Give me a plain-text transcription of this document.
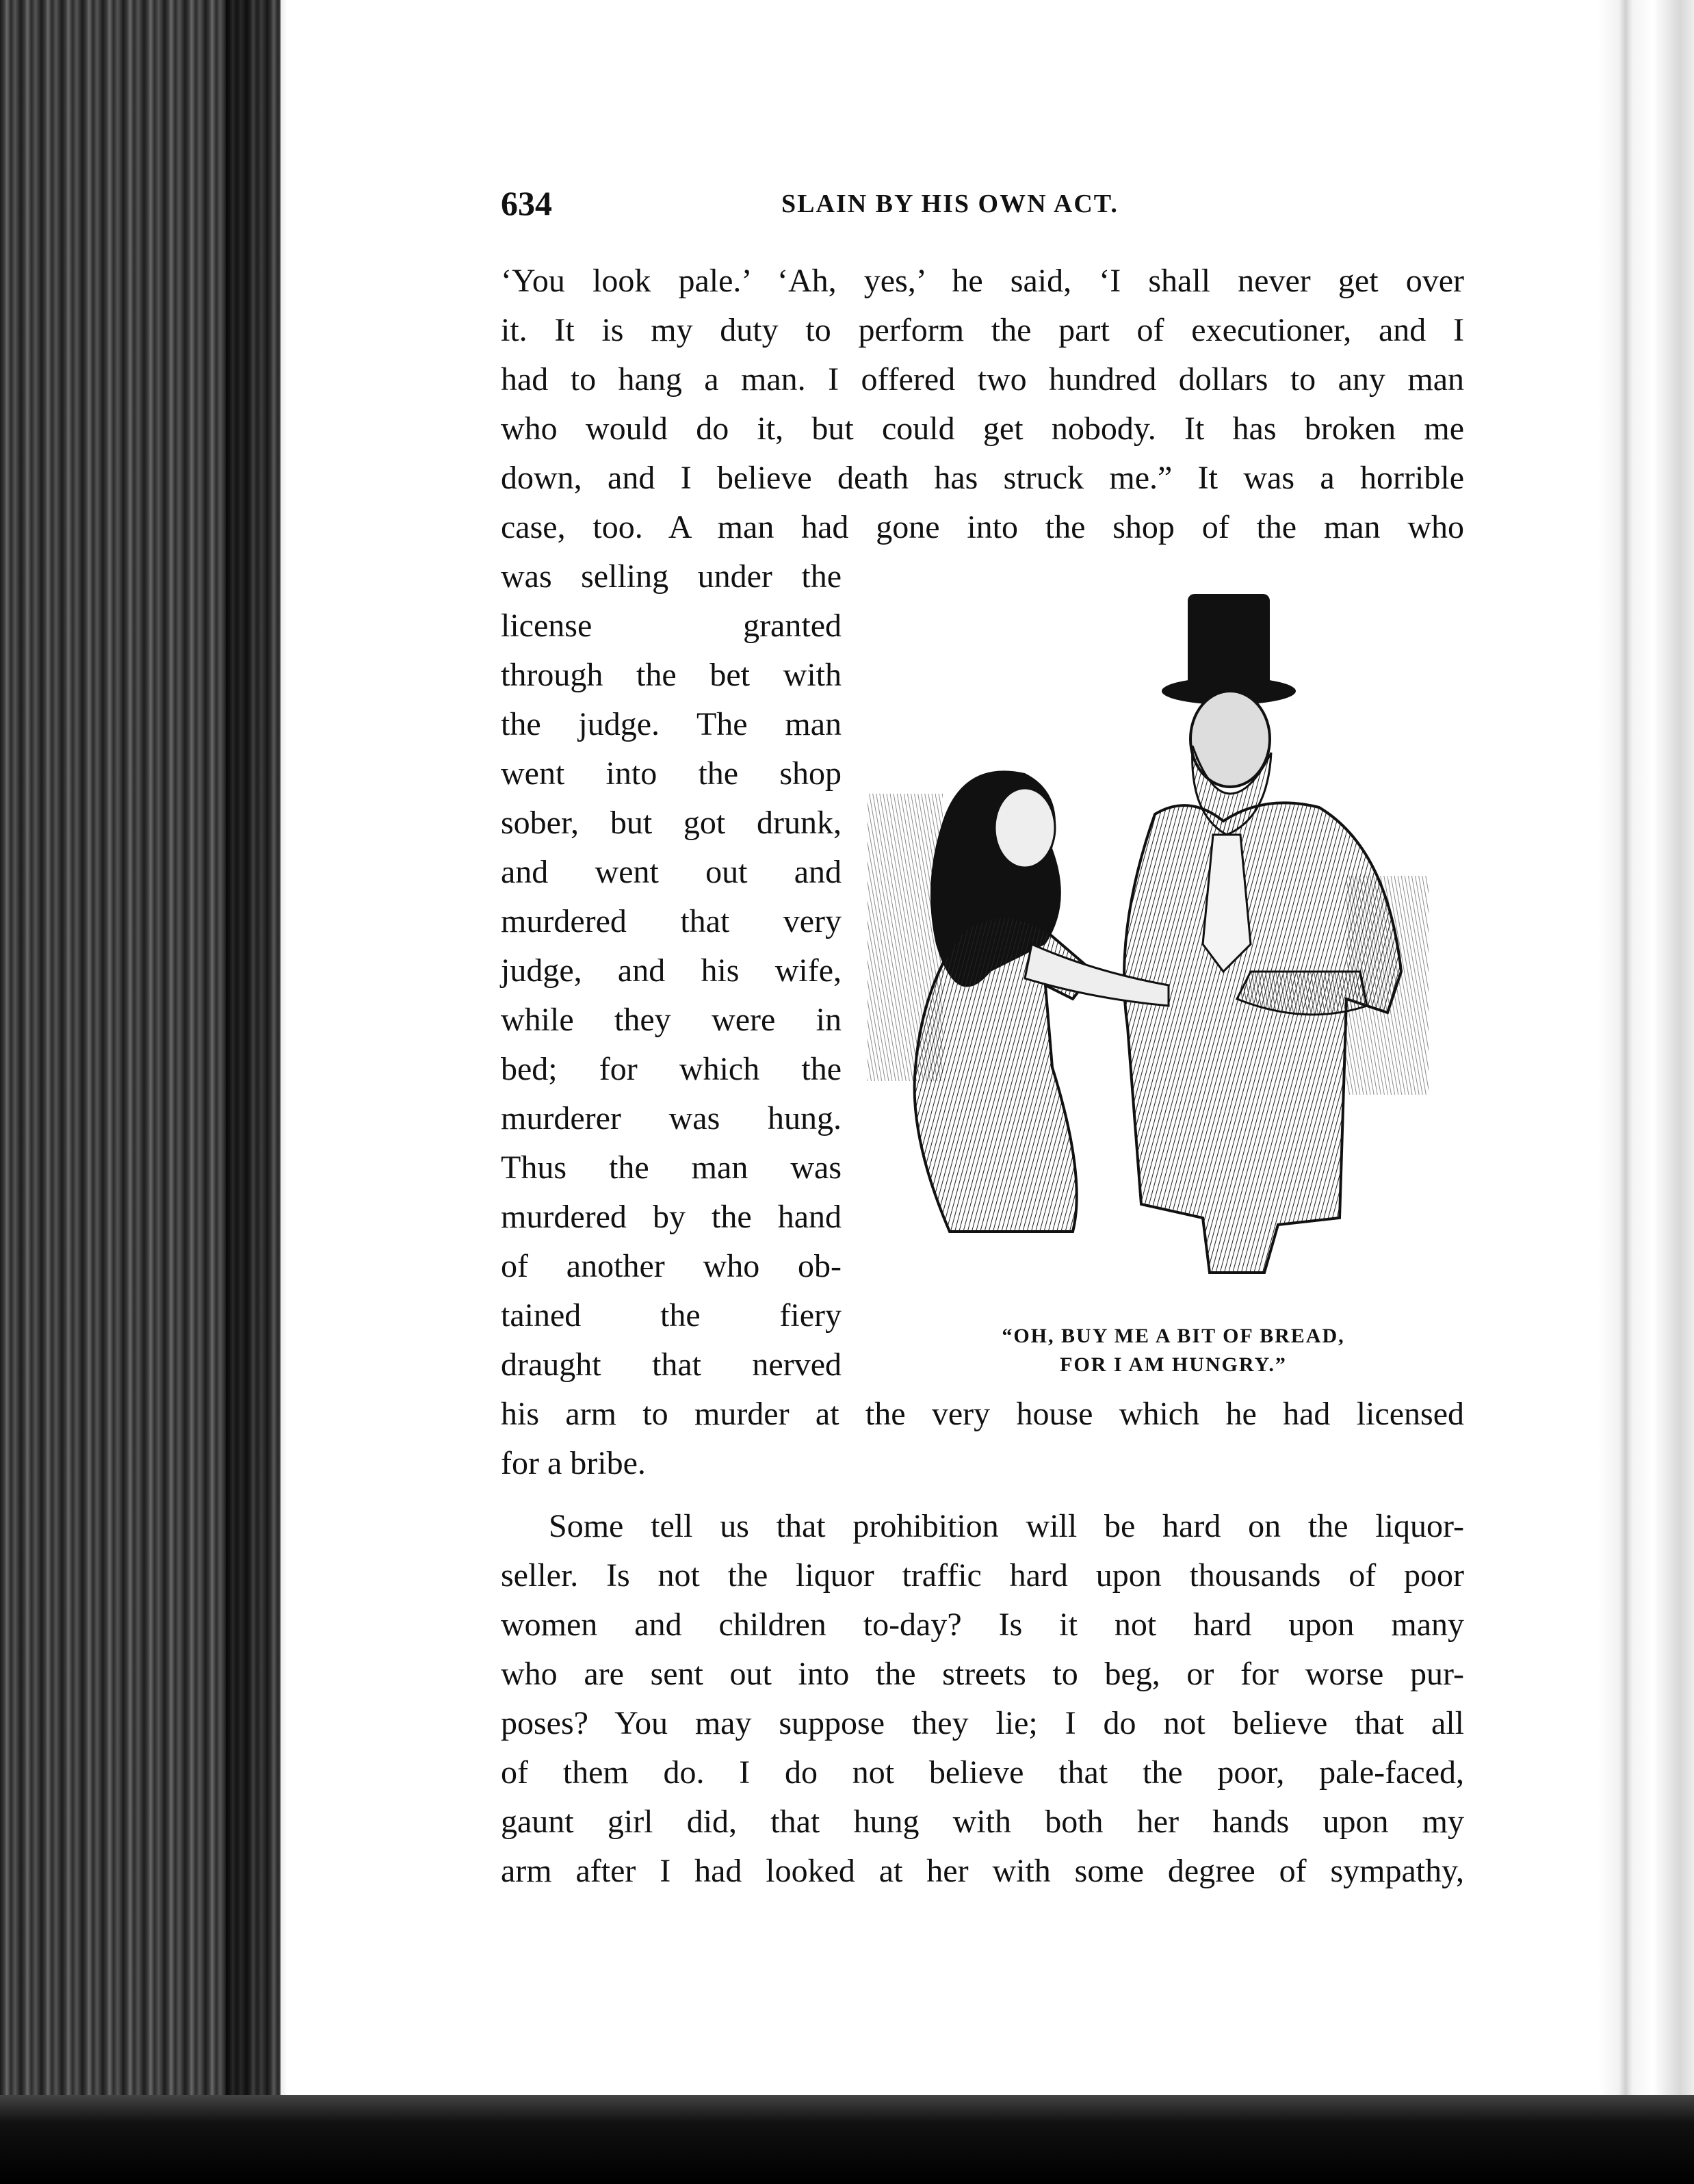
634	SLAIN BY HIS OWN ACT.
‘You look pale.’ ‘Ah, yes,’ he said, ‘I shall never get over
it. It is my duty to perform the part of executioner, and I
had to hang a man. I offered two hundred dollars to any man
who would do it, but could get nobody. It has broken me
down, and I believe death has struck me.” It was a horrible
case, too. A man had gone into the shop of the man who
was selling under the
license granted
through the bet with
the judge. The man
went into the shop
sober, but got drunk,
and went out and
murdered that very
judge, and his wife,
while they were in
bed; for which the
murderer was hung.
Thus the man was
murdered by the hand
of another who ob-
tained the fiery
draught that nerved
“OH, BUY ME A BIT OF BREAD,
FOR I AM HUNGRY.”
his arm to murder at the very house which he had licensed
for a bribe.
Some tell us that prohibition will be hard on the liquor-
seller. Is not the liquor traffic hard upon thousands of poor
women and children to-day? Is it not hard upon many
who are sent out into the streets to beg, or for worse pur-
poses? You may suppose they lie; I do not believe that all
of them do. I do not believe that the poor, pale-faced,
gaunt girl did, that hung with both her hands upon my
arm after I had looked at her with some degree of sympathy,
